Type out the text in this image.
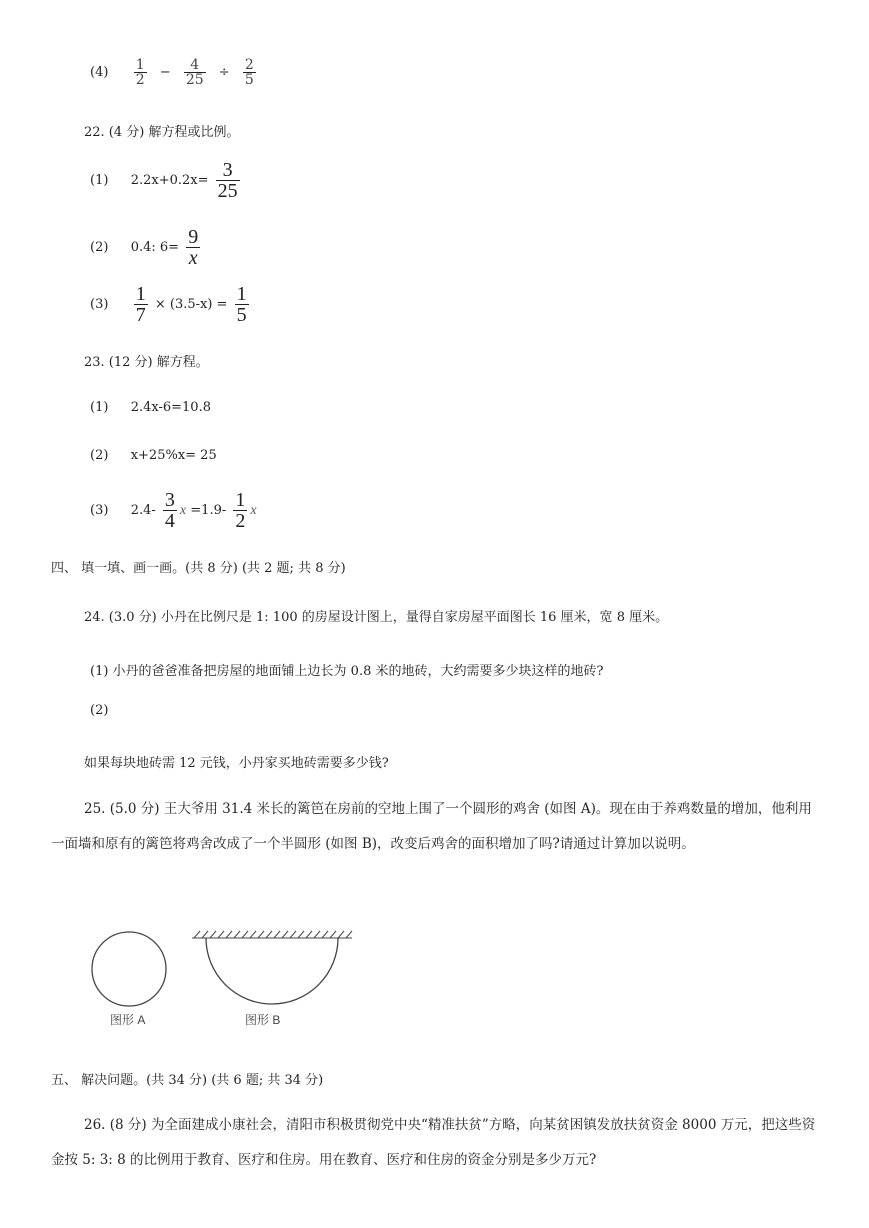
$(4) \frac{1}{2} - \frac{4}{25} \div \frac{2}{5}$
22. (4 分) 解方程或比例。
(1) $2.2x+0.2x= \frac{3}{25}$
(2) 0.4: $6= \frac{9}{x}$
$(3) \frac{1}{7} \times (3.5-x) = \frac{1}{5}$
23. (12 分) 解方程。
(1) 2.4x-6=10.8
(2) x+25%x= 25
(3) $2.4- \frac{3}{4}$ $x =1.9- \frac{1}{2}$ x
四、 填一填、画一画。(共 8 分) (共 2 题; 共 8 分)
24. (3.0 分) 小丹在比例尺是 1: 100 的房屋设计图上，量得自家房屋平面图长 16 厘米，宽 8 厘米。
(1) 小丹的爸爸准备把房屋的地面铺上边长为 0.8 米的地砖，大约需要多少块这样的地砖?
(2)
如果每块地砖需 12 元钱，小丹家买地砖需要多少钱?
25. (5.0 分) 王大爷用 31.4 米长的篱笆在房前的空地上围了一个圆形的鸡舍 (如图 A)。现在由于养鸡数量的增加，他利用一面墙和原有的篱笆将鸡舍改成了一个半圆形 (如图 B)，改变后鸡舍的面积增加了吗?请通过计算加以说明。
图形 A	图形 B
五、 解决问题。(共 34 分) (共 6 题; 共 34 分)
26. (8 分) 为全面建成小康社会，清阳市积极贯彻党中央“精准扶贫”方略，向某贫困镇发放扶贫资金 8000 万元，把这些资金按 5: 3: 8 的比例用于教育、医疗和住房。用在教育、医疗和住房的资金分别是多少万元?
